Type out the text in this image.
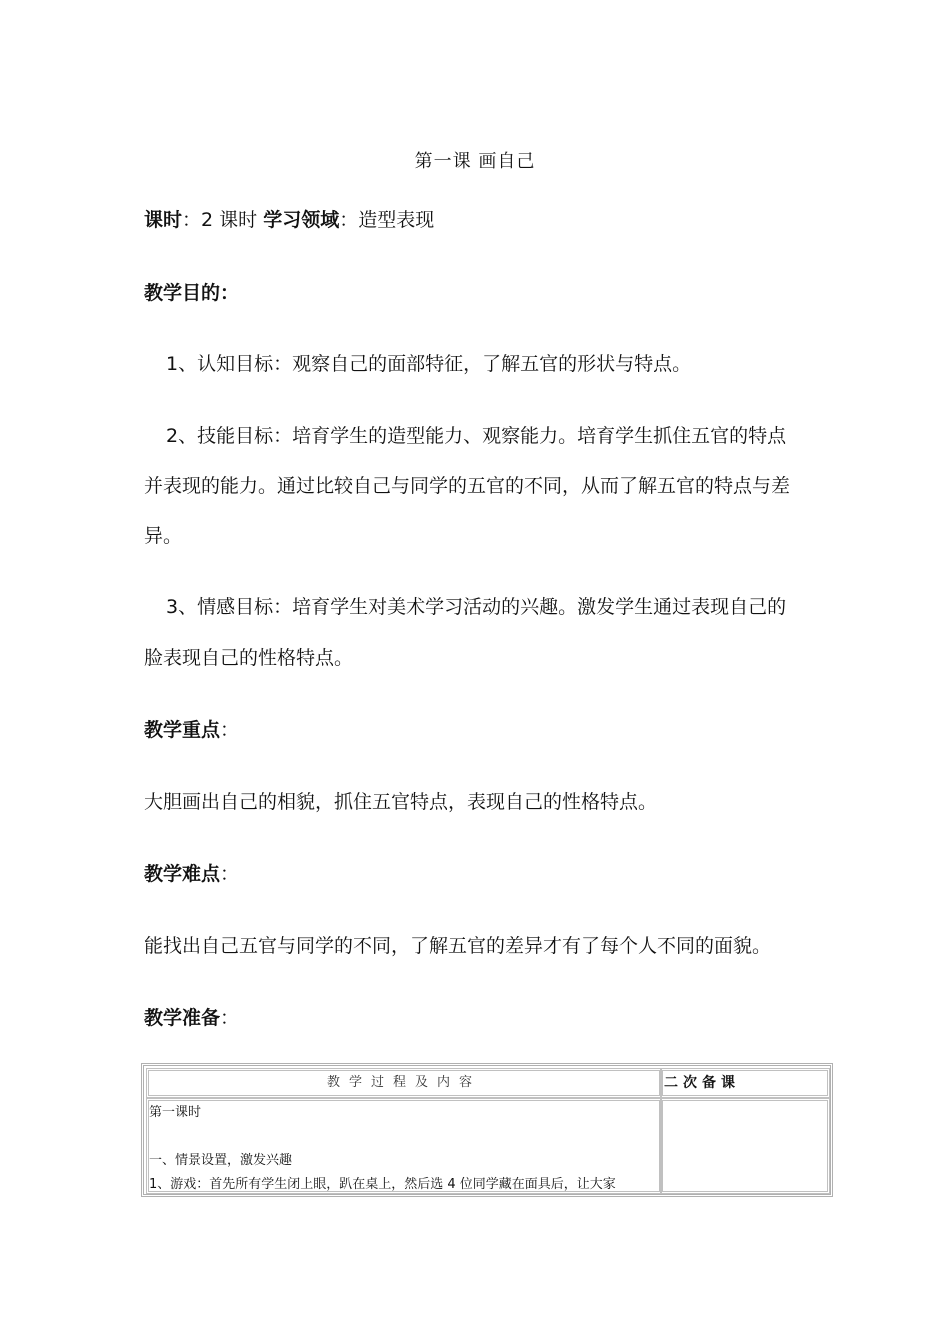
第一课 画自己
课时：2 课时 学习领域：造型表现
教学目的：
1、认知目标：观察自己的面部特征，了解五官的形状与特点。
2、技能目标：培育学生的造型能力、观察能力。培育学生抓住五官的特点
并表现的能力。通过比较自己与同学的五官的不同，从而了解五官的特点与差
异。
3、情感目标：培育学生对美术学习活动的兴趣。激发学生通过表现自己的
脸表现自己的性格特点。
教学重点：
大胆画出自己的相貌，抓住五官特点，表现自己的性格特点。
教学难点：
能找出自己五官与同学的不同，了解五官的差异才有了每个人不同的面貌。
教学准备：
教学过程及内容	二次备课
第一课时
一、情景设置，激发兴趣
1、游戏：首先所有学生闭上眼，趴在桌上，然后选 4 位同学藏在面具后，让大家
